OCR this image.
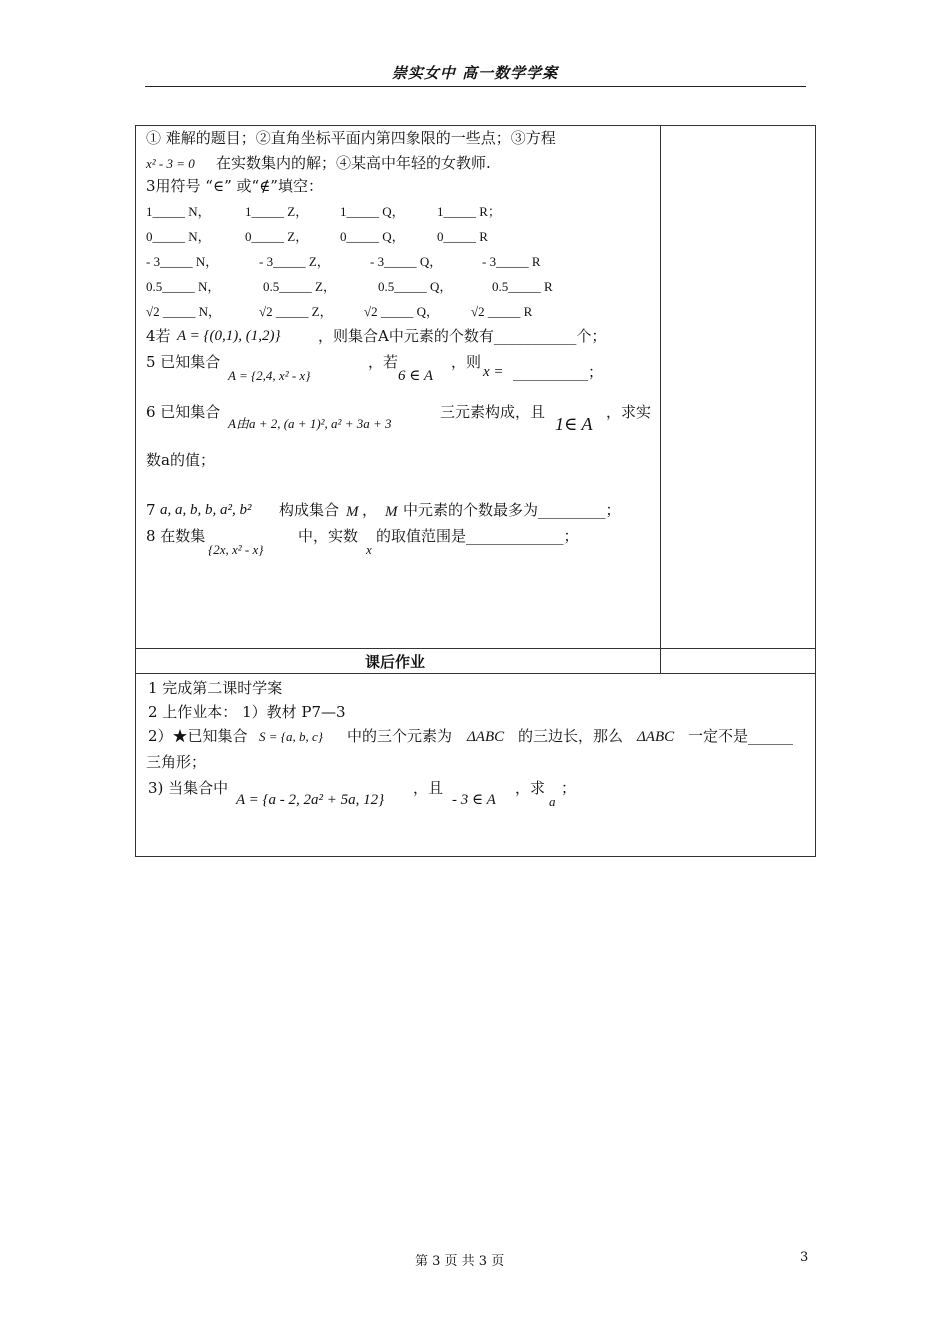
崇实女中 高一数学学案
① 难解的题目；②直角坐标平面内第四象限的一些点；③方程
x² - 3 = 0 在实数集内的解；④某高中年轻的女教师.
3用符号 “∈” 或“∉”填空：
1_____ N，	1_____ Z， 1_____ Q， 1_____ R；
0_____ N，	0_____ Z， 0_____ Q， 0_____ R
- 3_____ N，	- 3_____ Z，	- 3_____ Q，	- 3_____ R
0.5_____ N，	0.5_____ Z，	0.5_____ Q，	0.5_____ R
√2 _____ N，	√2 _____ Z， √2 _____ Q， √2 _____ R
4若 A = {(0,1), (1,2)}	，则集合A中元素的个数有___________个；
5 已知集合
A = {2,4, x² - x}
，若
6 ∈ A
，则
x = __________；
6 已知集合
A由a + 2, (a + 1)², a² + 3a + 3
三元素构成，且
1∈ A
，求实
数a的值；
7 a, a, b, b, a², b² 构成集合 M ， M 中元素的个数最多为_________；
8 在数集
{2x, x² - x}
中，实数
x
的取值范围是_____________；
课后作业
1 完成第二课时学案
2 上作业本： 1）教材 P7—3
2）★已知集合 S = {a, b, c} 中的三个元素为 ΔABC 的三边长，那么 ΔABC 一定不是______
三角形；
3) 当集合中
A = {a - 2, 2a² + 5a, 12}
，且
- 3 ∈ A
，求
a
；
第 3 页 共 3 页	3
